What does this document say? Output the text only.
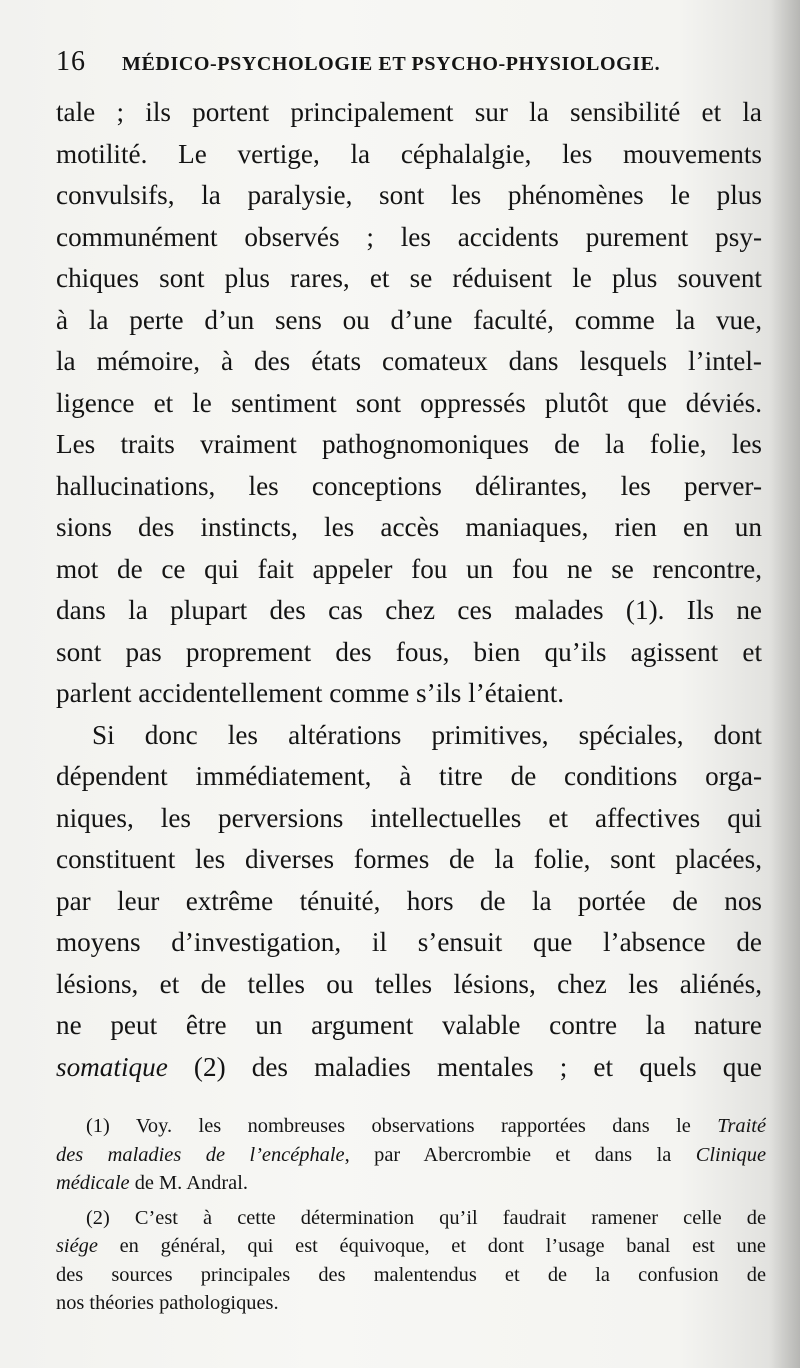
16 MÉDICO-PSYCHOLOGIE ET PSYCHO-PHYSIOLOGIE.
tale ; ils portent principalement sur la sensibilité et la
motilité. Le vertige, la céphalalgie, les mouvements
convulsifs, la paralysie, sont les phénomènes le plus
communément observés ; les accidents purement psy-
chiques sont plus rares, et se réduisent le plus souvent
à la perte d’un sens ou d’une faculté, comme la vue,
la mémoire, à des états comateux dans lesquels l’intel-
ligence et le sentiment sont oppressés plutôt que déviés.
Les traits vraiment pathognomoniques de la folie, les
hallucinations, les conceptions délirantes, les perver-
sions des instincts, les accès maniaques, rien en un
mot de ce qui fait appeler fou un fou ne se rencontre,
dans la plupart des cas chez ces malades (1). Ils ne
sont pas proprement des fous, bien qu’ils agissent et
parlent accidentellement comme s’ils l’étaient.
Si donc les altérations primitives, spéciales, dont
dépendent immédiatement, à titre de conditions orga-
niques, les perversions intellectuelles et affectives qui
constituent les diverses formes de la folie, sont placées,
par leur extrême ténuité, hors de la portée de nos
moyens d’investigation, il s’ensuit que l’absence de
lésions, et de telles ou telles lésions, chez les aliénés,
ne peut être un argument valable contre la nature
somatique (2) des maladies mentales ; et quels que
(1) Voy. les nombreuses observations rapportées dans le Traité
des maladies de l’encéphale, par Abercrombie et dans la Clinique
médicale de M. Andral.
(2) C’est à cette détermination qu’il faudrait ramener celle de
siége en général, qui est équivoque, et dont l’usage banal est une
des sources principales des malentendus et de la confusion de
nos théories pathologiques.
